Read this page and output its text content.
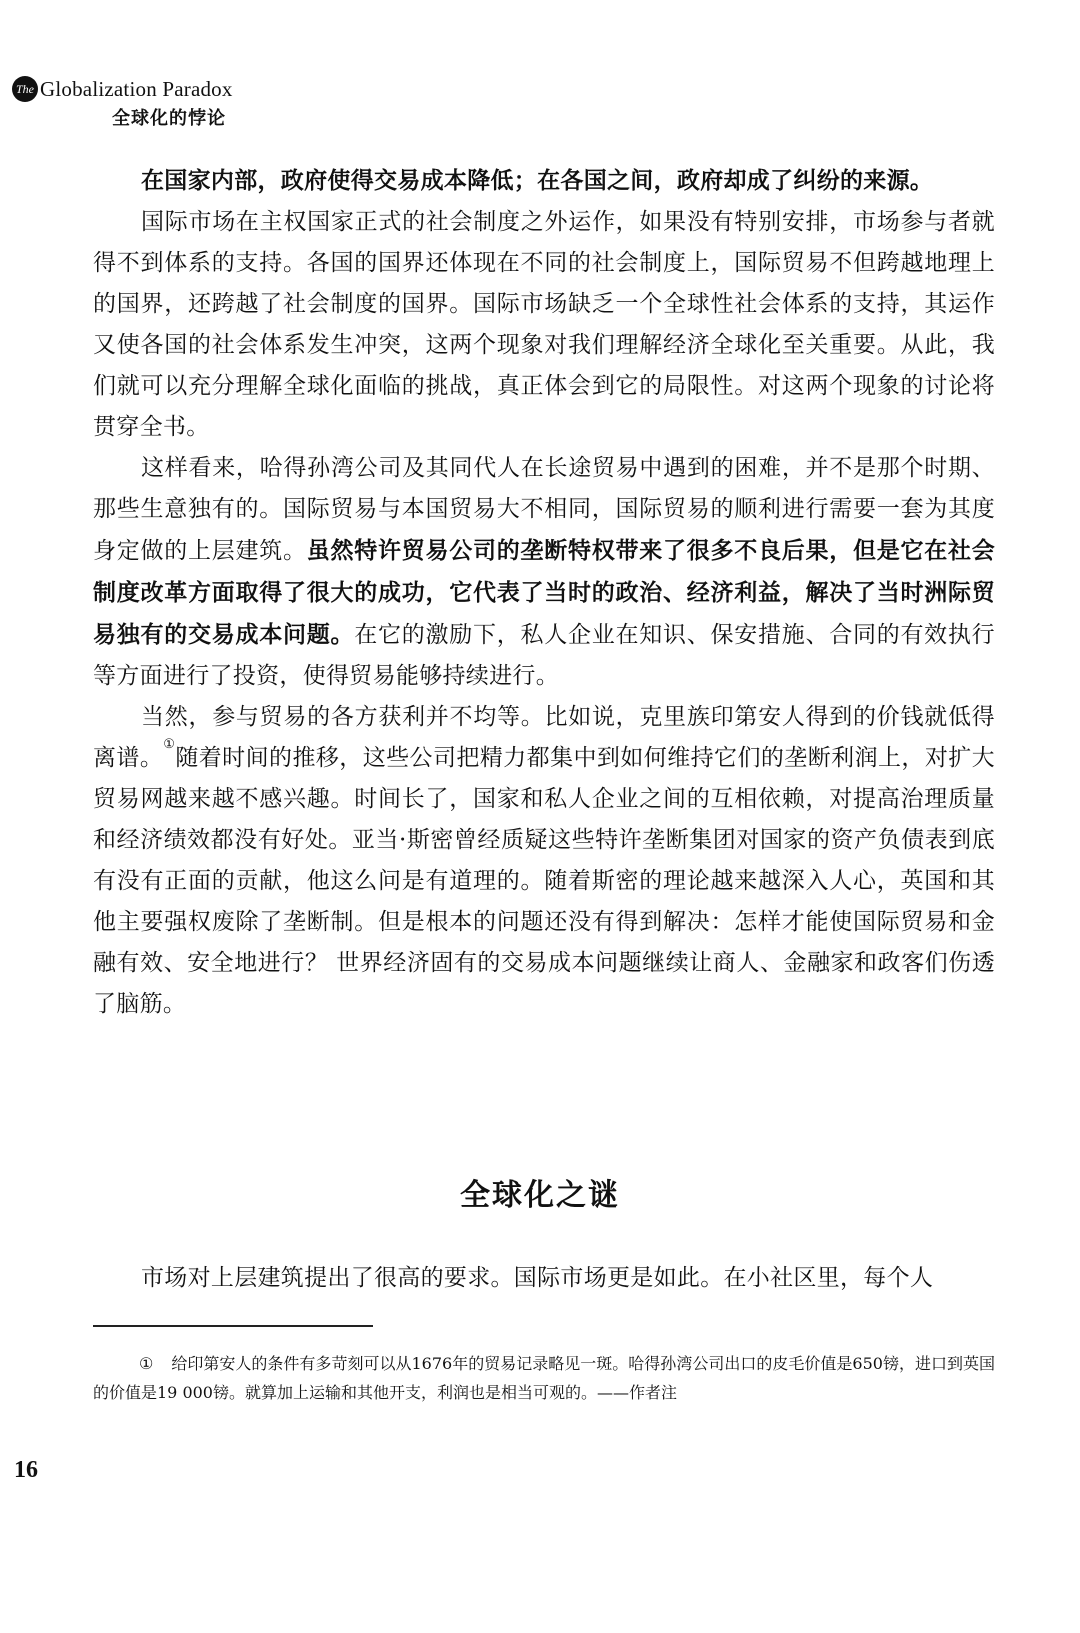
The Globalization Paradox
全球化的悖论

在国家内部，政府使得交易成本降低；在各国之间，政府却成了纠纷的来源。

国际市场在主权国家正式的社会制度之外运作，如果没有特别安排，市场参与者就得不到体系的支持。各国的国界还体现在不同的社会制度上，国际贸易不但跨越地理上的国界，还跨越了社会制度的国界。国际市场缺乏一个全球性社会体系的支持，其运作又使各国的社会体系发生冲突，这两个现象对我们理解经济全球化至关重要。从此，我们就可以充分理解全球化面临的挑战，真正体会到它的局限性。对这两个现象的讨论将贯穿全书。

这样看来，哈得孙湾公司及其同代人在长途贸易中遇到的困难，并不是那个时期、那些生意独有的。国际贸易与本国贸易大不相同，国际贸易的顺利进行需要一套为其度身定做的上层建筑。虽然特许贸易公司的垄断特权带来了很多不良后果，但是它在社会制度改革方面取得了很大的成功，它代表了当时的政治、经济利益，解决了当时洲际贸易独有的交易成本问题。在它的激励下，私人企业在知识、保安措施、合同的有效执行等方面进行了投资，使得贸易能够持续进行。

当然，参与贸易的各方获利并不均等。比如说，克里族印第安人得到的价钱就低得离谱。①随着时间的推移，这些公司把精力都集中到如何维持它们的垄断利润上，对扩大贸易网越来越不感兴趣。时间长了，国家和私人企业之间的互相依赖，对提高治理质量和经济绩效都没有好处。亚当·斯密曾经质疑这些特许垄断集团对国家的资产负债表到底有没有正面的贡献，他这么问是有道理的。随着斯密的理论越来越深入人心，英国和其他主要强权废除了垄断制。但是根本的问题还没有得到解决：怎样才能使国际贸易和金融有效、安全地进行？ 世界经济固有的交易成本问题继续让商人、金融家和政客们伤透了脑筋。

全球化之谜

市场对上层建筑提出了很高的要求。国际市场更是如此。在小社区里，每个人

① 给印第安人的条件有多苛刻可以从1676年的贸易记录略见一斑。哈得孙湾公司出口的皮毛价值是650镑，进口到英国的价值是19 000镑。就算加上运输和其他开支，利润也是相当可观的。——作者注
16
